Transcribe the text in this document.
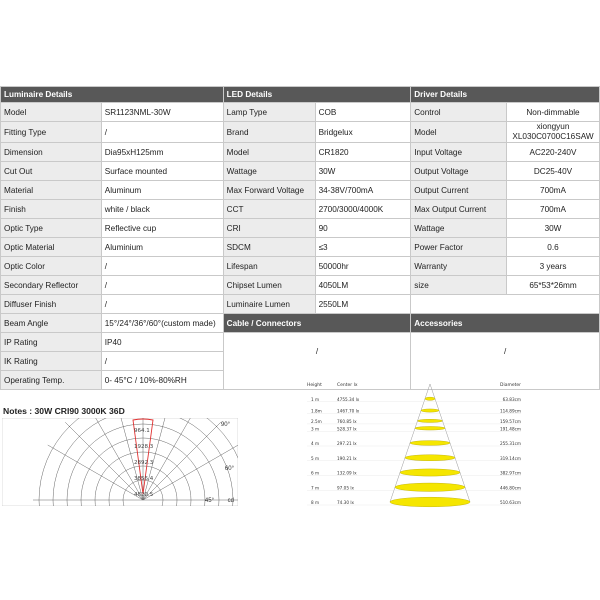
Luminaire Details		LED Details		Driver Details	
Model	SR1123NML-30W	Lamp Type	COB	Control	Non-dimmable
Fitting Type	/	Brand	Bridgelux	Model	xiongyun XL030C0700C16SAW
Dimension	Dia95xH125mm	Model	CR1820	Input Voltage	AC220-240V
Cut Out	Surface mounted	Wattage	30W	Output Voltage	DC25-40V
Material	Aluminum	Max Forward Voltage	34-38V/700mA	Output Current	700mA
Finish	white / black	CCT	2700/3000/4000K	Max Output Current	700mA
Optic Type	Reflective cup	CRI	90	Wattage	30W
Optic Material	Aluminium	SDCM	≤3	Power Factor	0.6
Optic Color	/	Lifespan	50000hr	Warranty	3 years
Secondary Reflector	/	Chipset Lumen	4050LM	size	65*53*26mm
Diffuser Finish	/	Luminaire Lumen	2550LM		
Beam Angle	15°/24°/36°/60°(custom made)	Cable / Connectors		Accessories	
IP Rating	IP40	/		/	
IK Rating	/				
Operating Temp.	0- 45°C / 10%-80%RH				
Notes : 30W CRI90 3000K 36D
964.1
1928.3
2892.3
3856.4
4820.5
90°
60°
45° cd
Height	Center lx	Diameter
1 m	4755.34 lx	63.83cm
1.8m	1467.70 lx	114.89cm
2.5m	760.85 lx	159.57cm
3 m	528.37 lx	191.48cm
4 m	297.21 lx	255.31cm
5 m	190.21 lx	319.14cm
6 m	132.09 lx	382.97cm
7 m	97.05 lx	446.80cm
8 m	74.30 lx	510.63cm
